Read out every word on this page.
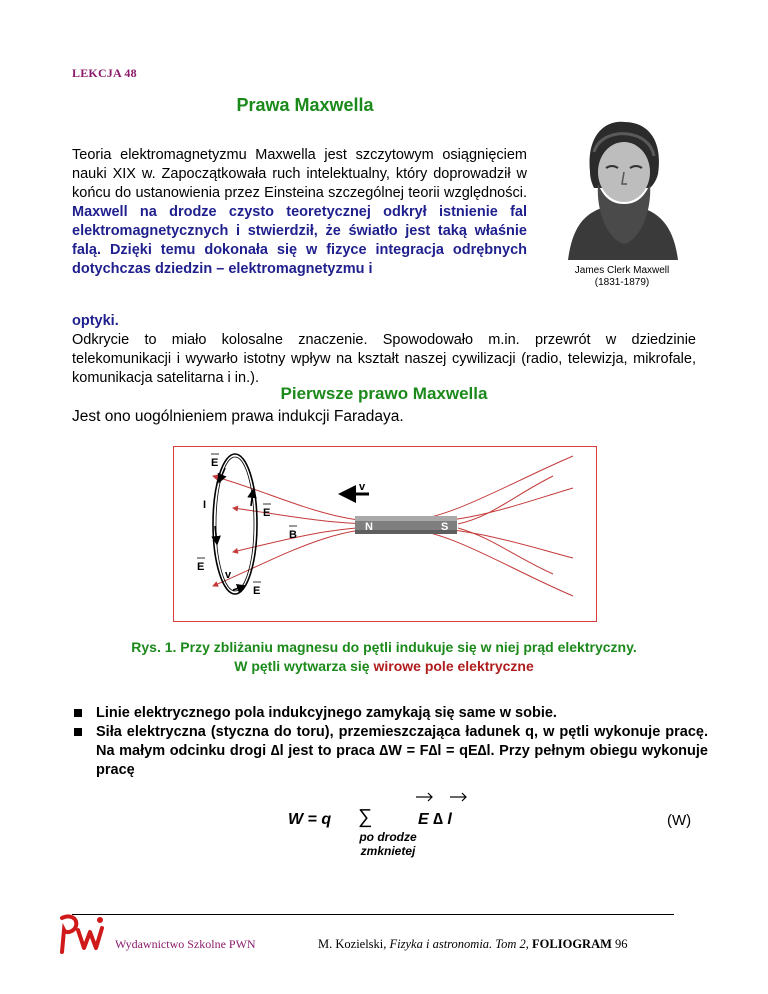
LEKCJA 48
Prawa Maxwella
Teoria elektromagnetyzmu Maxwella jest szczytowym osiągnięciem nauki XIX w. Zapoczątkowała ruch intelektualny, który doprowadził w końcu do ustanowienia przez Einsteina szczególnej teorii względności. Maxwell na drodze czysto teoretycznej odkrył istnienie fal elektromagnetycznych i stwierdził, że światło jest taką właśnie falą. Dzięki temu dokonała się w fizyce integracja odrębnych dotychczas dziedzin – elektromagnetyzmu i
optyki.
Odkrycie to miało kolosalne znaczenie. Spowodowało m.in. przewrót w dziedzinie telekomunikacji i wywarło istotny wpływ na kształt naszej cywilizacji (radio, telewizja, mikrofale, komunikacja satelitarna i in.).
James Clerk Maxwell
(1831-1879)
Pierwsze prawo Maxwella
Jest ono uogólnieniem prawa indukcji Faradaya.
N	S
v
E
I
E
B
E
v
E
Rys. 1. Przy zbliżaniu magnesu do pętli indukuje się w niej prąd elektryczny.
W pętli wytwarza się wirowe pole elektryczne
Linie elektrycznego pola indukcyjnego zamykają się same w sobie.
Siła elektryczna (styczna do toru), przemieszczająca ładunek q, w pętli wykonuje pracę. Na małym odcinku drogi ∆l jest to praca ∆W = F∆l = qE∆l. Przy pełnym obiegu wykonuje pracę
W = q ∑	E ∆ l	(W)
po drodze
zmknietej
Wydawnictwo Szkolne PWN	M. Kozielski, Fizyka i astronomia. Tom 2, FOLIOGRAM 96
